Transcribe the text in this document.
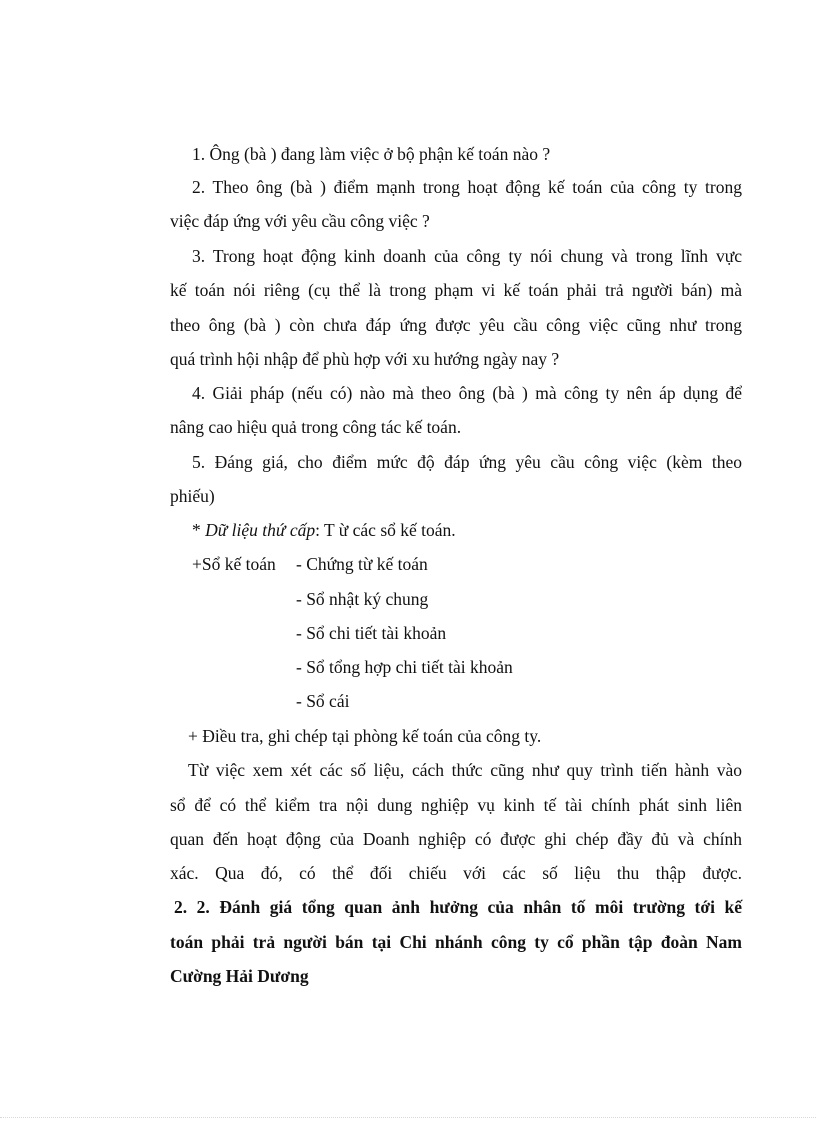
1. Ông (bà ) đang làm việc ở bộ phận kế toán nào ?
2. Theo ông (bà ) điểm mạnh trong hoạt động kế toán của công ty trong
việc đáp ứng với yêu cầu công việc ?
3. Trong hoạt động kinh doanh của công ty nói chung và trong lĩnh vực
kế toán nói riêng (cụ thể là trong phạm vi kế toán phải trả người bán) mà
theo ông (bà ) còn chưa đáp ứng được yêu cầu công việc cũng như trong
quá trình hội nhập để phù hợp với xu hướng ngày nay ?
4. Giải pháp (nếu có) nào mà theo ông (bà ) mà công ty nên áp dụng để
nâng cao hiệu quả trong công tác kế toán.
5. Đáng giá, cho điểm mức độ đáp ứng yêu cầu công việc (kèm theo
phiếu)
* Dữ liệu thứ cấp: T ừ các sổ kế toán.
+Sổ kế toán - Chứng từ kế toán
- Sổ nhật ký chung
- Sổ chi tiết tài khoản
- Sổ tổng hợp chi tiết tài khoản
- Sổ cái
+ Điều tra, ghi chép tại phòng kế toán của công ty.
Từ việc xem xét các số liệu, cách thức cũng như quy trình tiến hành vào
sổ để có thể kiểm tra nội dung nghiệp vụ kinh tế tài chính phát sinh liên
quan đến hoạt động của Doanh nghiệp có được ghi chép đầy đủ và chính
xác. Qua đó, có thể đối chiếu với các số liệu thu thập được.
2. 2. Đánh giá tổng quan ảnh hưởng của nhân tố môi trường tới kế
toán phải trả người bán tại Chi nhánh công ty cổ phần tập đoàn Nam
Cường Hải Dương
